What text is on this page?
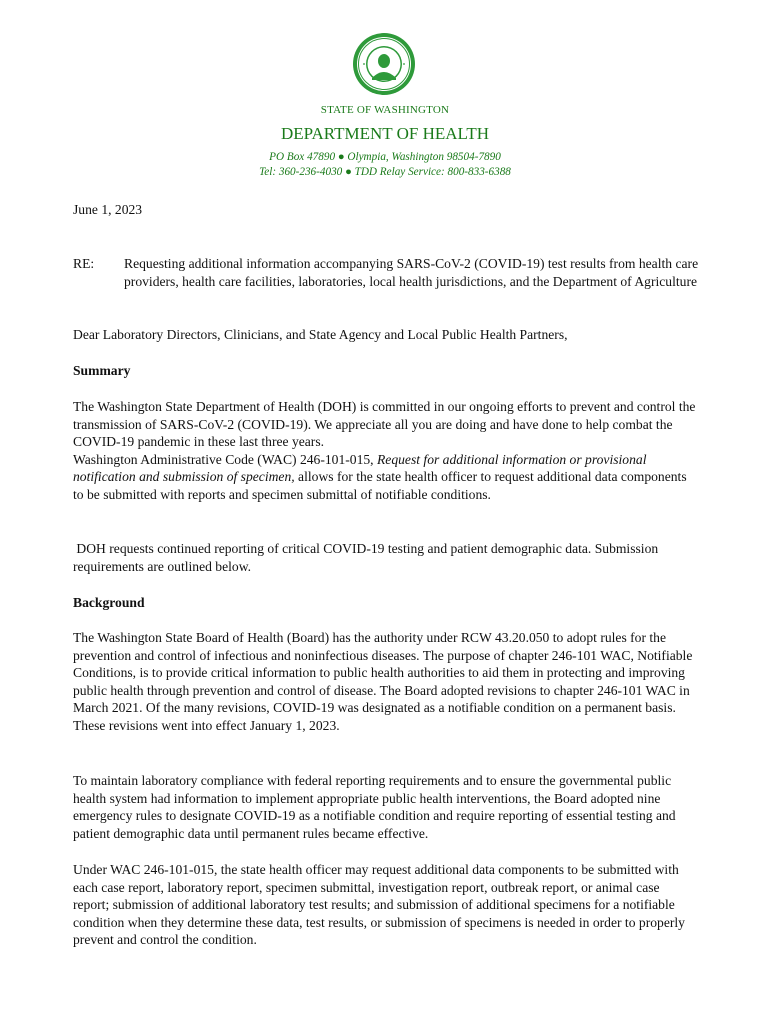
STATE OF WASHINGTON
DEPARTMENT OF HEALTH
PO Box 47890 ● Olympia, Washington 98504-7890
Tel: 360-236-4030 ● TDD Relay Service: 800-833-6388
June 1, 2023
RE: Requesting additional information accompanying SARS-CoV-2 (COVID-19) test results from health care providers, health care facilities, laboratories, local health jurisdictions, and the Department of Agriculture
Dear Laboratory Directors, Clinicians, and State Agency and Local Public Health Partners,
Summary

The Washington State Department of Health (DOH) is committed in our ongoing efforts to prevent and control the transmission of SARS-CoV-2 (COVID-19). We appreciate all you are doing and have done to help combat the COVID-19 pandemic in these last three years.

Washington Administrative Code (WAC) 246-101-015, Request for additional information or provisional notification and submission of specimen, allows for the state health officer to request additional data components to be submitted with reports and specimen submittal of notifiable conditions.

DOH requests continued reporting of critical COVID-19 testing and patient demographic data. Submission requirements are outlined below.
Background
The Washington State Board of Health (Board) has the authority under RCW 43.20.050 to adopt rules for the prevention and control of infectious and noninfectious diseases. The purpose of chapter 246-101 WAC, Notifiable Conditions, is to provide critical information to public health authorities to aid them in protecting and improving public health through prevention and control of disease. The Board adopted revisions to chapter 246-101 WAC in March 2021. Of the many revisions, COVID-19 was designated as a notifiable condition on a permanent basis. These revisions went into effect January 1, 2023.
To maintain laboratory compliance with federal reporting requirements and to ensure the governmental public health system had information to implement appropriate public health interventions, the Board adopted nine emergency rules to designate COVID-19 as a notifiable condition and require reporting of essential testing and patient demographic data until permanent rules became effective.
Under WAC 246-101-015, the state health officer may request additional data components to be submitted with each case report, laboratory report, specimen submittal, investigation report, outbreak report, or animal case report; submission of additional laboratory test results; and submission of additional specimens for a notifiable condition when they determine these data, test results, or submission of specimens is needed in order to properly prevent and control the condition.
